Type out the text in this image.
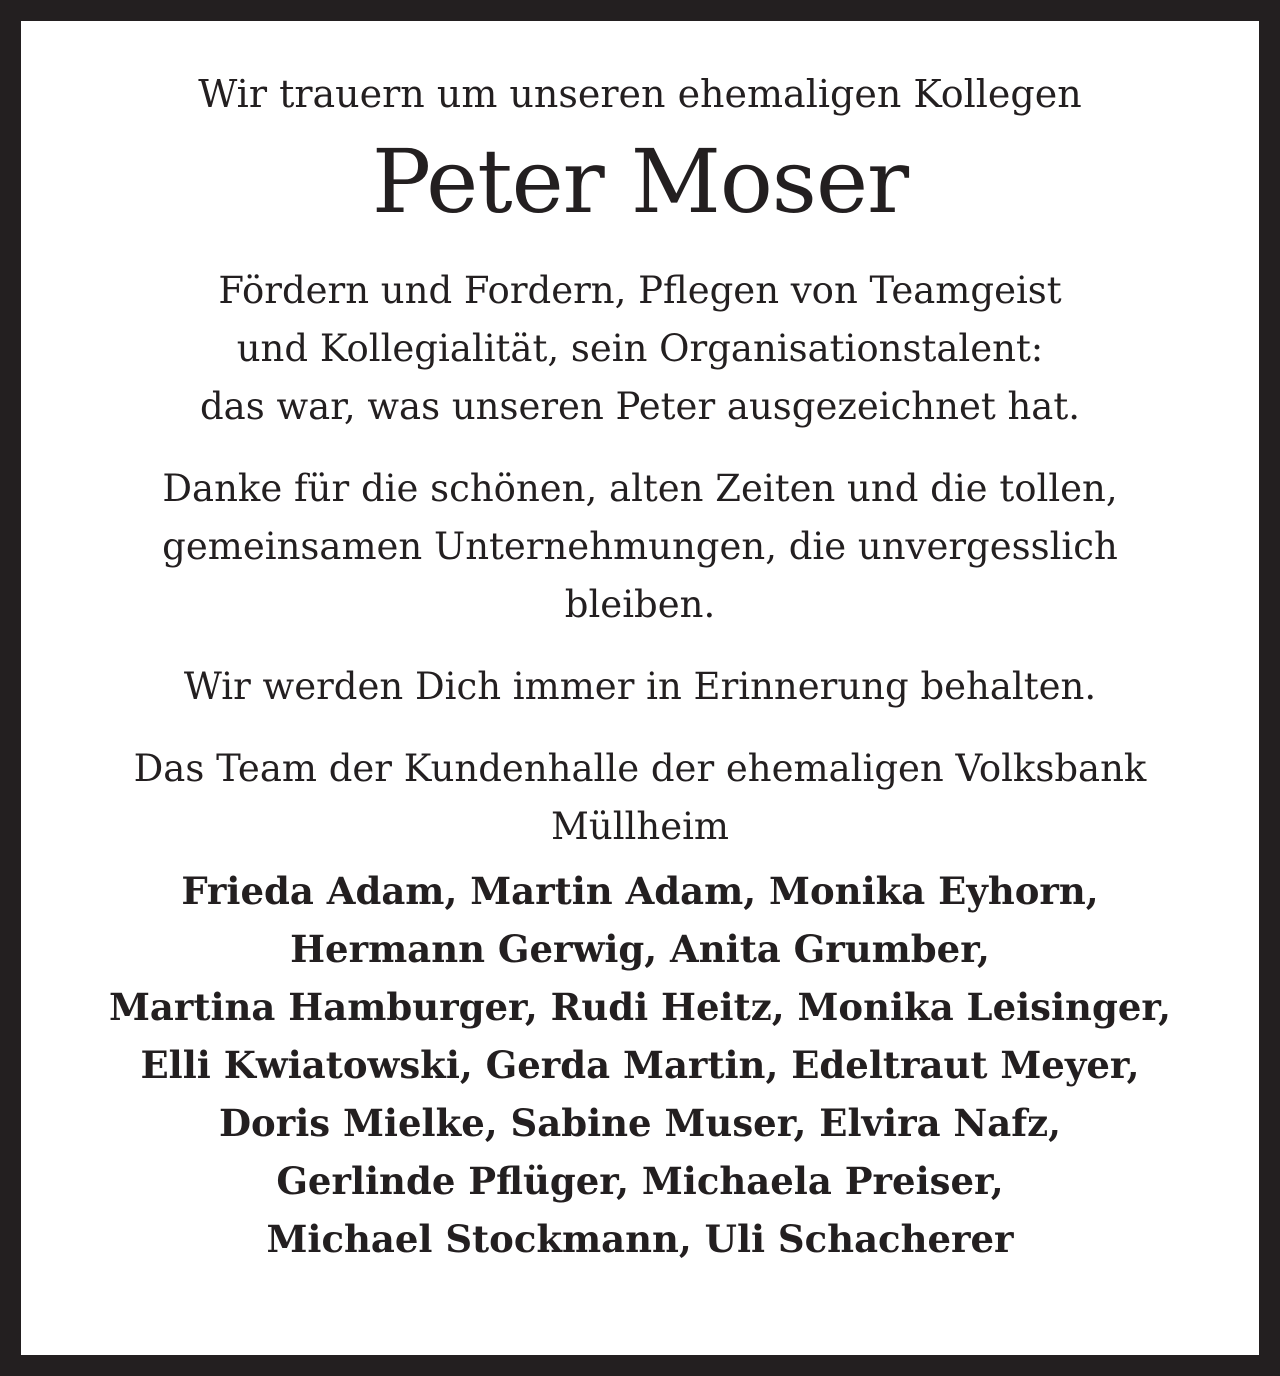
Wir trauern um unseren ehemaligen Kollegen

Peter Moser

Fördern und Fordern, Pflegen von Teamgeist
und Kollegialität, sein Organisationstalent:
das war, was unseren Peter ausgezeichnet hat.

Danke für die schönen, alten Zeiten und die tollen,
gemeinsamen Unternehmungen, die unvergesslich
bleiben.

Wir werden Dich immer in Erinnerung behalten.

Das Team der Kundenhalle der ehemaligen Volksbank
Müllheim

Frieda Adam, Martin Adam, Monika Eyhorn,
Hermann Gerwig, Anita Grumber,
Martina Hamburger, Rudi Heitz, Monika Leisinger,
Elli Kwiatowski, Gerda Martin, Edeltraut Meyer,
Doris Mielke, Sabine Muser, Elvira Nafz,
Gerlinde Pflüger, Michaela Preiser,
Michael Stockmann, Uli Schacherer
